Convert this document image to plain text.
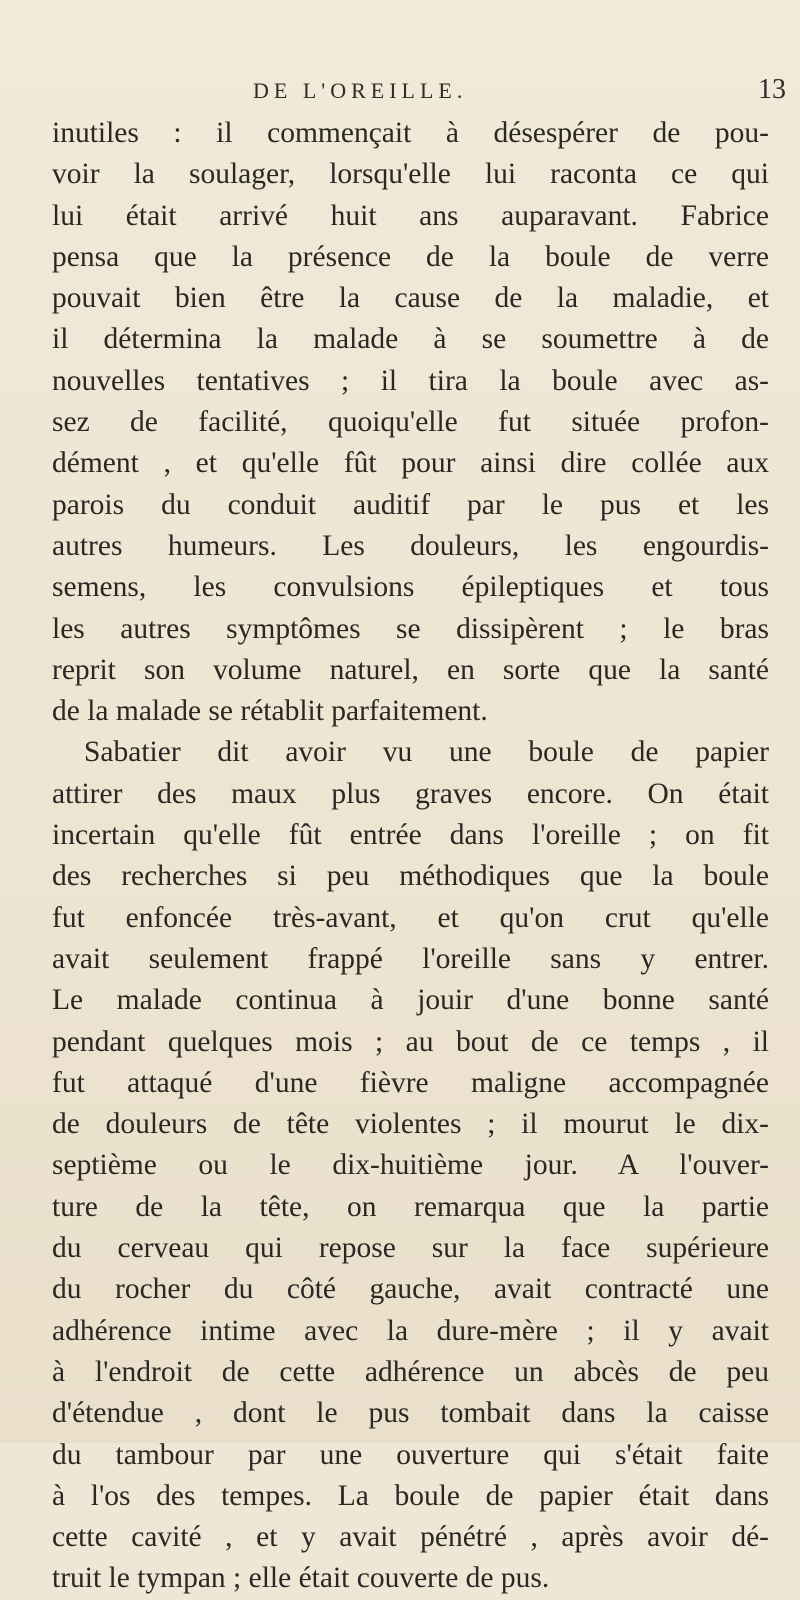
DE L'OREILLE.	13
inutiles : il commençait à désespérer de pou-
voir la soulager, lorsqu'elle lui raconta ce qui
lui était arrivé huit ans auparavant. Fabrice
pensa que la présence de la boule de verre
pouvait bien être la cause de la maladie, et
il détermina la malade à se soumettre à de
nouvelles tentatives ; il tira la boule avec as-
sez de facilité, quoiqu'elle fut située profon-
dément , et qu'elle fût pour ainsi dire collée aux
parois du conduit auditif par le pus et les
autres humeurs. Les douleurs, les engourdis-
semens, les convulsions épileptiques et tous
les autres symptômes se dissipèrent ; le bras
reprit son volume naturel, en sorte que la santé
de la malade se rétablit parfaitement.
Sabatier dit avoir vu une boule de papier
attirer des maux plus graves encore. On était
incertain qu'elle fût entrée dans l'oreille ; on fit
des recherches si peu méthodiques que la boule
fut enfoncée très-avant, et qu'on crut qu'elle
avait seulement frappé l'oreille sans y entrer.
Le malade continua à jouir d'une bonne santé
pendant quelques mois ; au bout de ce temps , il
fut attaqué d'une fièvre maligne accompagnée
de douleurs de tête violentes ; il mourut le dix-
septième ou le dix-huitième jour. A l'ouver-
ture de la tête, on remarqua que la partie
du cerveau qui repose sur la face supérieure
du rocher du côté gauche, avait contracté une
adhérence intime avec la dure-mère ; il y avait
à l'endroit de cette adhérence un abcès de peu
d'étendue , dont le pus tombait dans la caisse
du tambour par une ouverture qui s'était faite
à l'os des tempes. La boule de papier était dans
cette cavité , et y avait pénétré , après avoir dé-
truit le tympan ; elle était couverte de pus.
